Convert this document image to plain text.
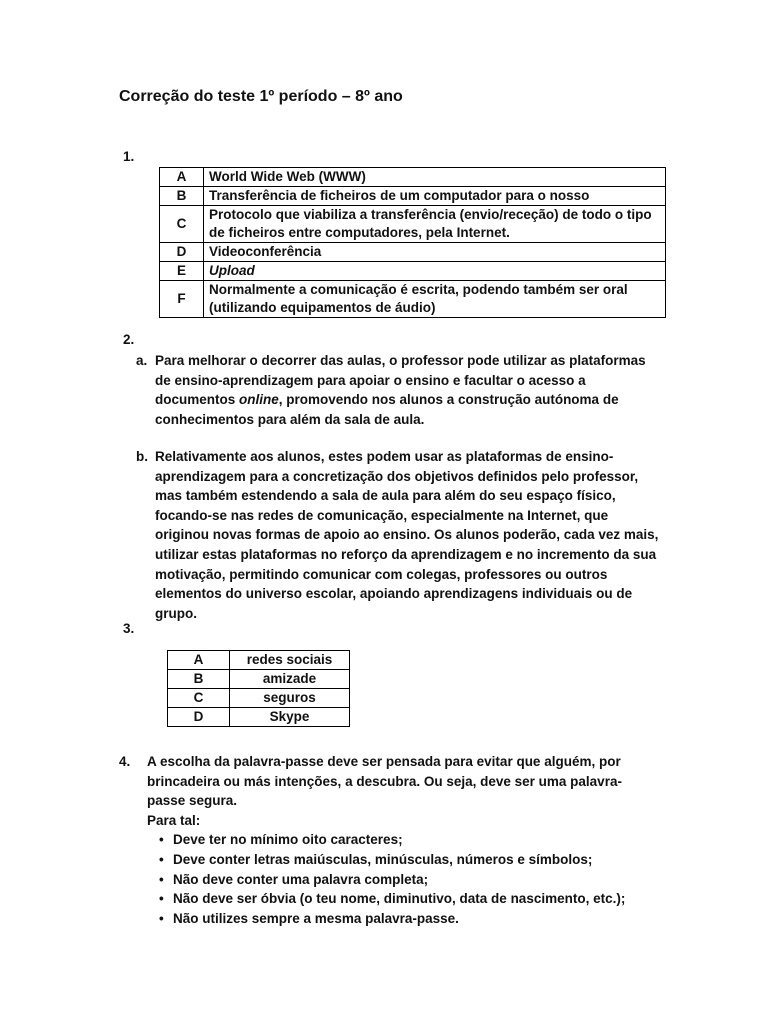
Correção do teste 1º período – 8º ano
1.
A	World Wide Web (WWW)
B	Transferência de ficheiros de um computador para o nosso
C	Protocolo que viabiliza a transferência (envio/receção) de todo o tipo de ficheiros entre computadores, pela Internet.
D	Videoconferência
E	Upload
F	Normalmente a comunicação é escrita, podendo também ser oral (utilizando equipamentos de áudio)
2.
a. Para melhorar o decorrer das aulas, o professor pode utilizar as plataformas de ensino-aprendizagem para apoiar o ensino e facultar o acesso a documentos online, promovendo nos alunos a construção autónoma de conhecimentos para além da sala de aula.

b. Relativamente aos alunos, estes podem usar as plataformas de ensino-aprendizagem para a concretização dos objetivos definidos pelo professor, mas também estendendo a sala de aula para além do seu espaço físico, focando-se nas redes de comunicação, especialmente na Internet, que originou novas formas de apoio ao ensino. Os alunos poderão, cada vez mais, utilizar estas plataformas no reforço da aprendizagem e no incremento da sua motivação, permitindo comunicar com colegas, professores ou outros elementos do universo escolar, apoiando aprendizagens individuais ou de grupo.

3.
A	redes sociais
B	amizade
C	seguros
D	Skype
4. A escolha da palavra-passe deve ser pensada para evitar que alguém, por brincadeira ou más intenções, a descubra. Ou seja, deve ser uma palavra-passe segura.

Para tal:

• Deve ter no mínimo oito caracteres;
• Deve conter letras maiúsculas, minúsculas, números e símbolos;
• Não deve conter uma palavra completa;
• Não deve ser óbvia (o teu nome, diminutivo, data de nascimento, etc.);
• Não utilizes sempre a mesma palavra-passe.
